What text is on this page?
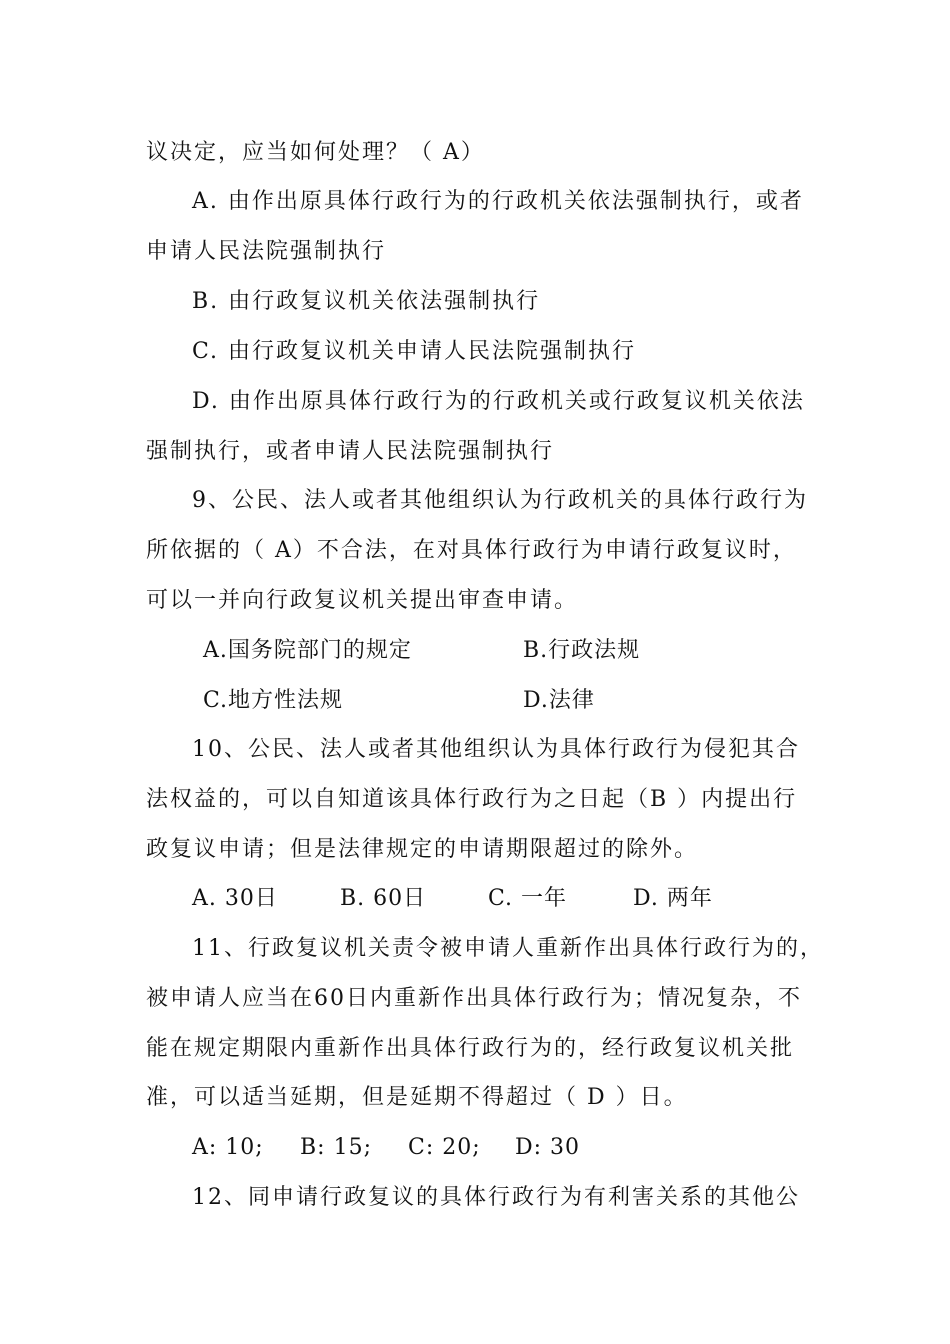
议决定，应当如何处理？（ A）
A. 由作出原具体行政行为的行政机关依法强制执行，或者
申请人民法院强制执行
B. 由行政复议机关依法强制执行
C. 由行政复议机关申请人民法院强制执行
D. 由作出原具体行政行为的行政机关或行政复议机关依法
强制执行，或者申请人民法院强制执行
9、公民、法人或者其他组织认为行政机关的具体行政行为
所依据的（ A）不合法，在对具体行政行为申请行政复议时，
可以一并向行政复议机关提出审查申请。
A.国务院部门的规定	B.行政法规
C.地方性法规	D.法律
10、公民、法人或者其他组织认为具体行政行为侵犯其合
法权益的，可以自知道该具体行政行为之日起（B ）内提出行
政复议申请；但是法律规定的申请期限超过的除外。
A. 30日	B. 60日	C. 一年	D. 两年
11、行政复议机关责令被申请人重新作出具体行政行为的，
被申请人应当在60日内重新作出具体行政行为；情况复杂，不
能在规定期限内重新作出具体行政行为的，经行政复议机关批
准，可以适当延期，但是延期不得超过（ D ）日。
A: 10; B: 15; C: 20; D: 30
12、同申请行政复议的具体行政行为有利害关系的其他公
